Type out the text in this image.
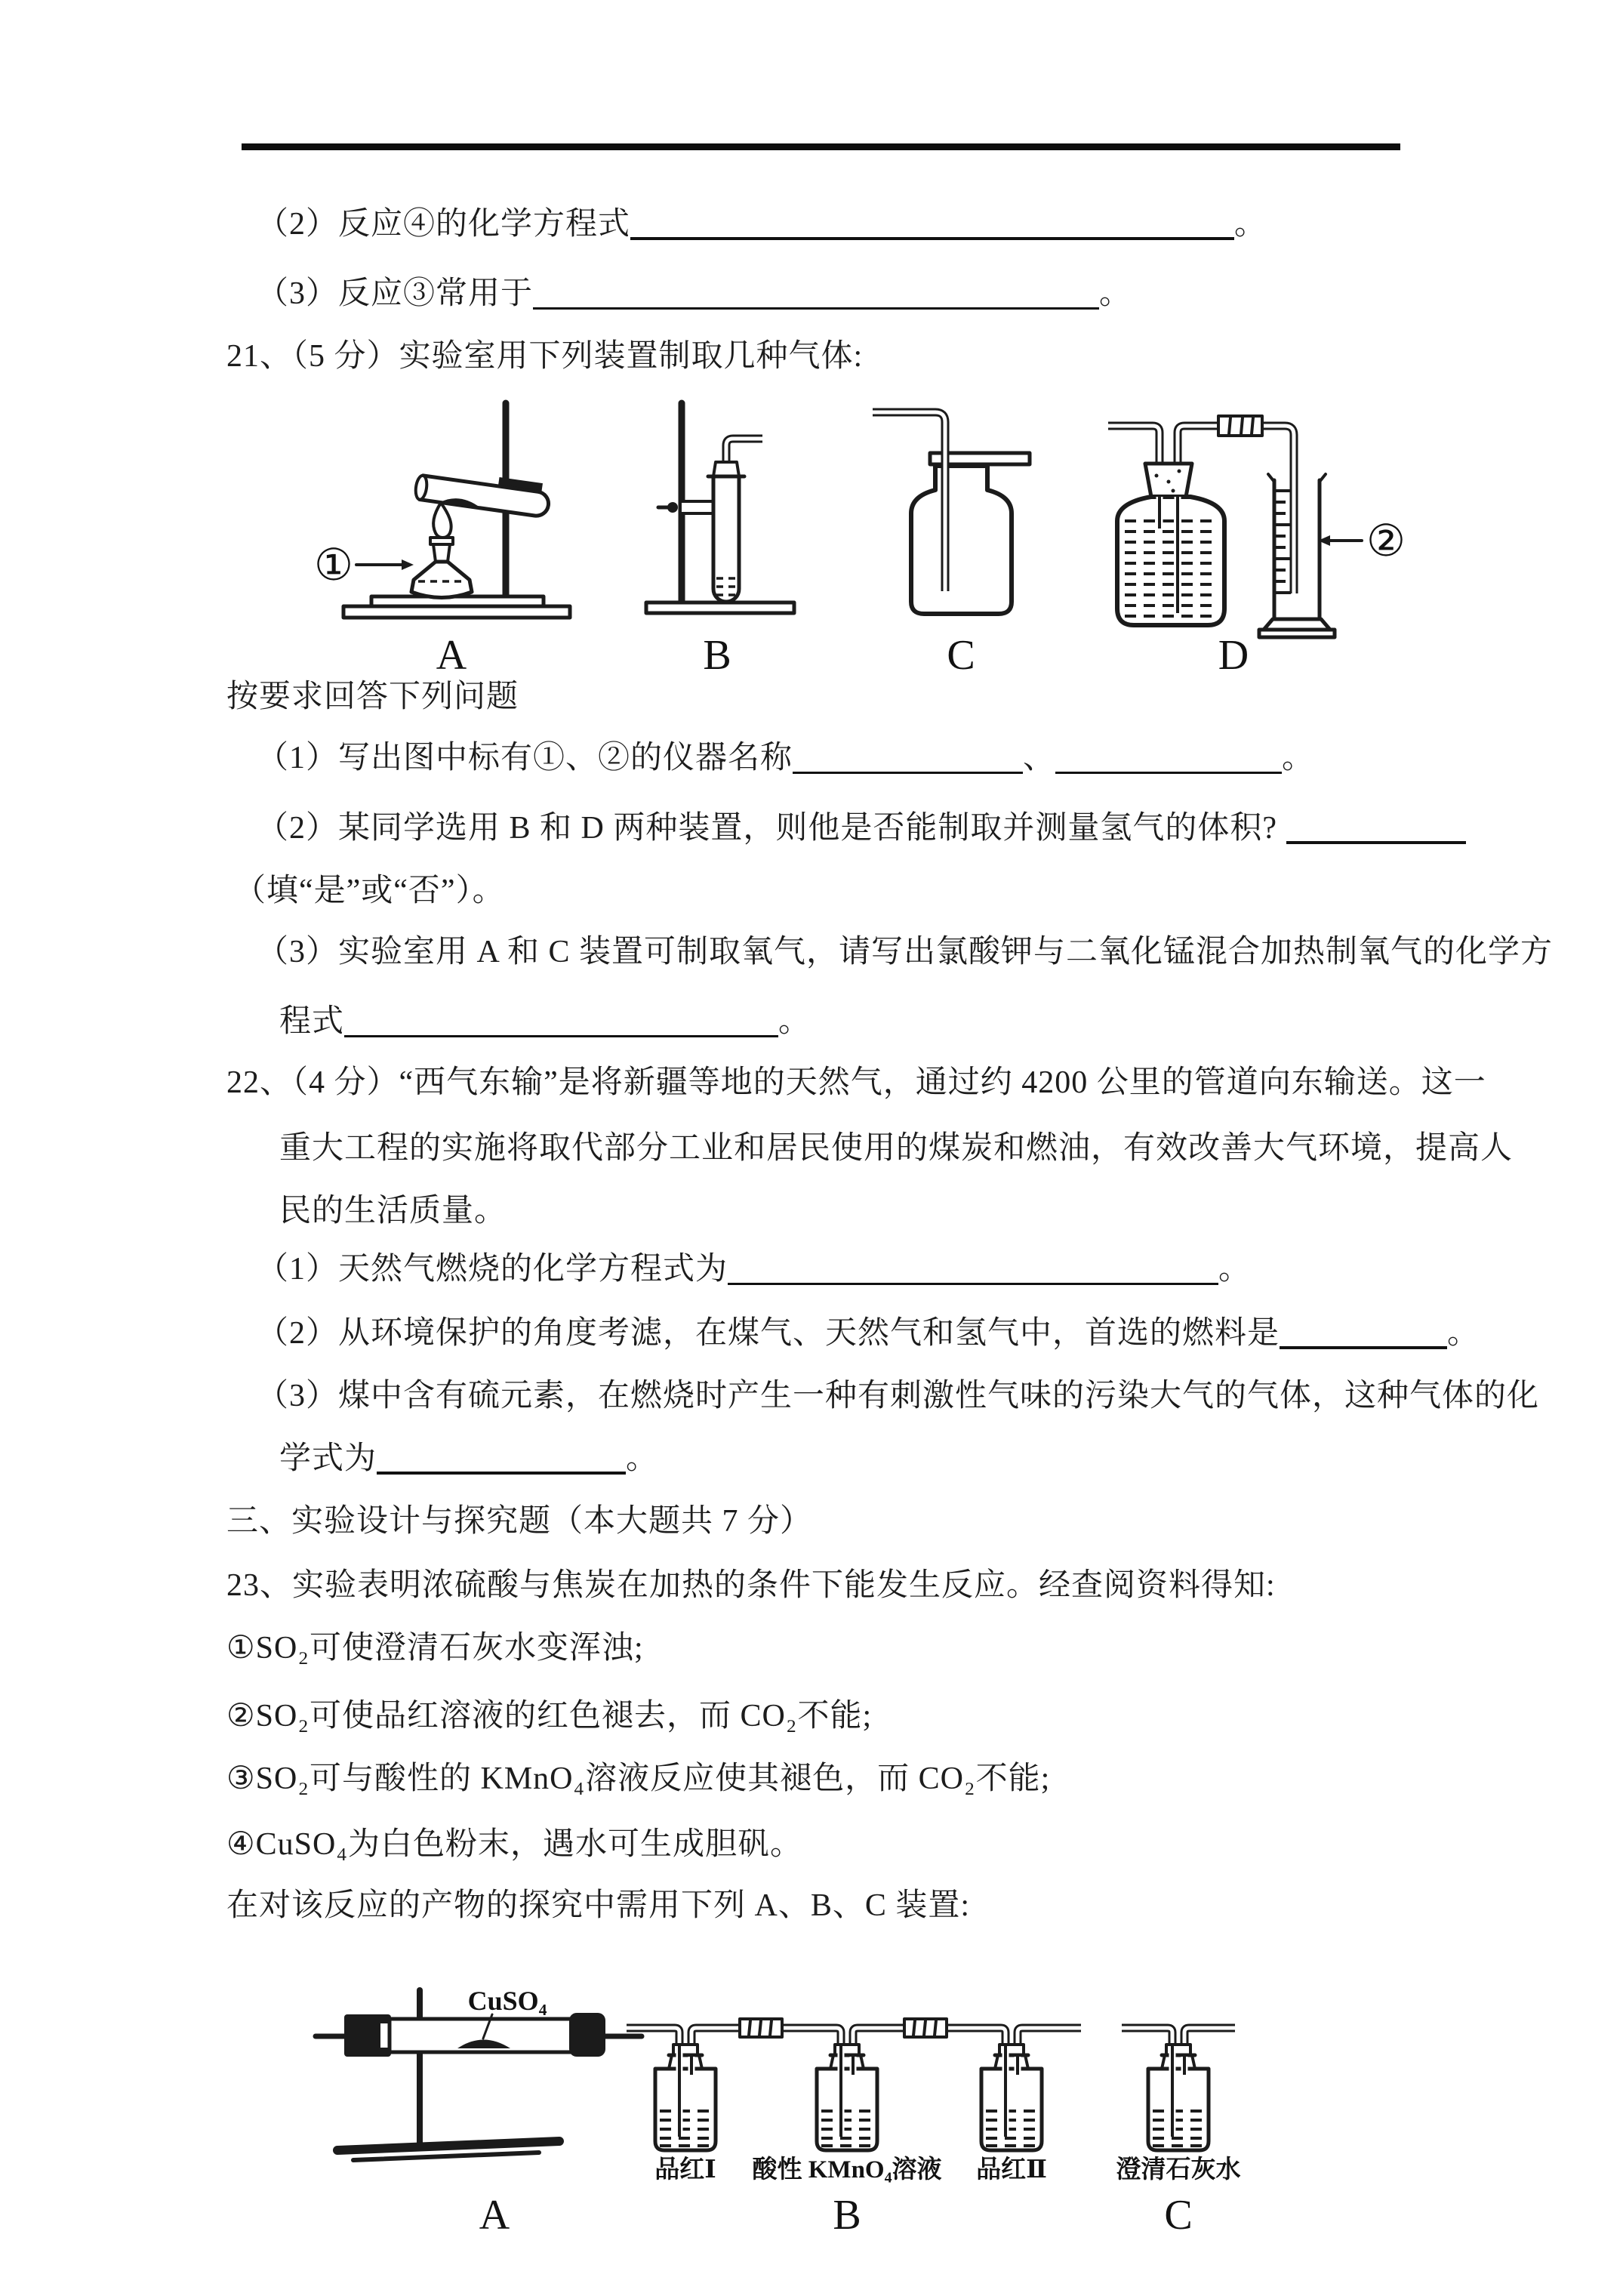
（2）反应④的化学方程式	。
（3）反应③常用于	。
21、（5 分）实验室用下列装置制取几种气体:
①
A	B	C
②
D
按要求回答下列问题
（1）写出图中标有①、②的仪器名称	、	。
（2）某同学选用 B 和 D 两种装置，则他是否能制取并测量氢气的体积?
（填“是”或“否”）。
（3）实验室用 A 和 C 装置可制取氧气，请写出氯酸钾与二氧化锰混合加热制氧气的化学方
程式	。
22、（4 分）“西气东输”是将新疆等地的天然气，通过约 4200 公里的管道向东输送。这一
重大工程的实施将取代部分工业和居民使用的煤炭和燃油，有效改善大气环境，提高人
民的生活质量。
（1）天然气燃烧的化学方程式为	。
（2）从环境保护的角度考滤，在煤气、天然气和氢气中，首选的燃料是	。
（3）煤中含有硫元素，在燃烧时产生一种有刺激性气味的污染大气的气体，这种气体的化
学式为	。
三、实验设计与探究题（本大题共 7 分）
23、实验表明浓硫酸与焦炭在加热的条件下能发生反应。经查阅资料得知:
①SO₂可使澄清石灰水变浑浊;
②SO₂可使品红溶液的红色褪去，而 CO₂不能;
③SO₂可与酸性的 KMnO₄溶液反应使其褪色，而 CO₂不能;
④CuSO₄为白色粉末，遇水可生成胆矾。
在对该反应的产物的探究中需用下列 A、B、C 装置:
CuSO₄
A
品红Ⅰ 酸性 KMnO₄溶液 品红Ⅱ
B
澄清石灰水
C
